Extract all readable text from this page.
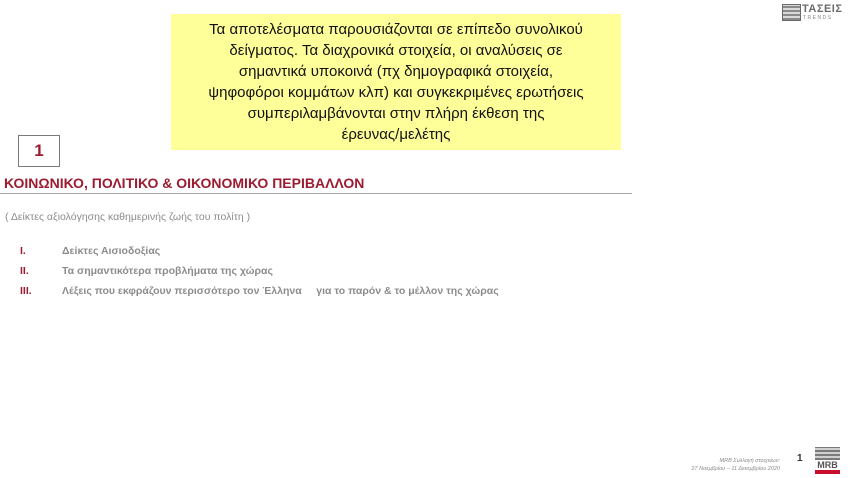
Τα αποτελέσματα παρουσιάζονται σε επίπεδο συνολικού
δείγματος. Τα διαχρονικά στοιχεία, οι αναλύσεις σε
σημαντικά υποκοινά (πχ δημογραφικά στοιχεία,
ψηφοφόροι κομμάτων κλπ) και συγκεκριμένες ερωτήσεις
συμπεριλαμβάνονται στην πλήρη έκθεση της
έρευνας/μελέτης
ΤΑΣΕΙΣ
TRENDS
1
ΚΟΙΝΩΝΙΚΟ, ΠΟΛΙΤΙΚΟ & ΟΙΚΟΝΟΜΙΚΟ ΠΕΡΙΒΑΛΛΟΝ
( Δείκτες αξιολόγησης καθημερινής ζωής του πολίτη )
I.	Δείκτες Αισιοδοξίας
II.	Τα σημαντικότερα προβλήματα της χώρας
III.	Λέξεις που εκφράζουν περισσότερο τον Έλληνα     για το παρόν & το μέλλον της χώρας
MRB Συλλογή στοιχείων:
27 Νοεμβρίου – 11 Δεκεμβρίου 2020
1
MRB
